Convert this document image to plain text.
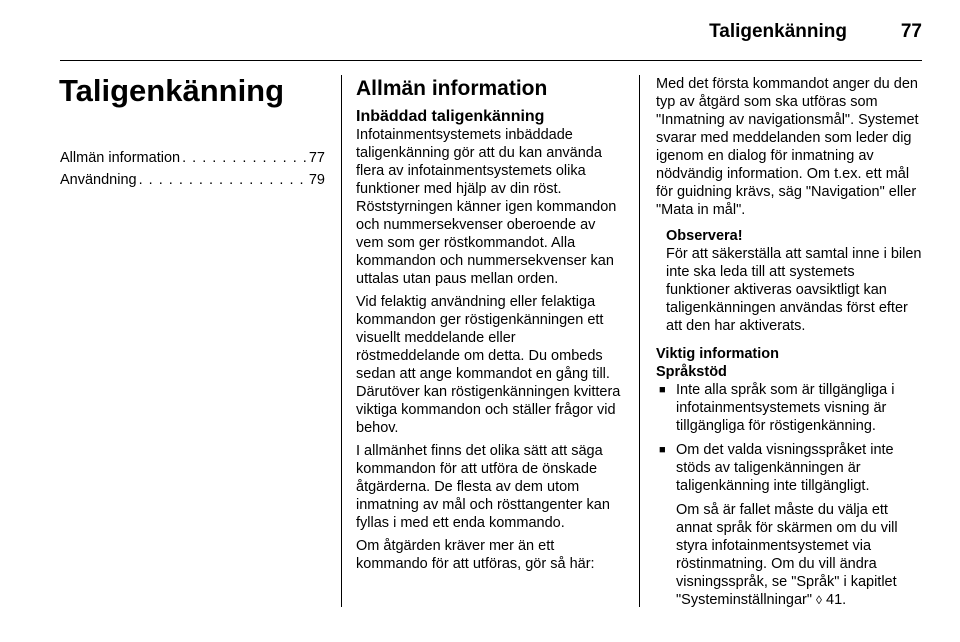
Taligenkänning	77
Taligenkänning
Allmän information . . .	77
Användning . . .	79
Allmän information
Inbäddad taligenkänning

Infotainmentsystemets inbäddade taligenkänning gör att du kan använda flera av infotainmentsystemets olika funktioner med hjälp av din röst. Röststyrningen känner igen kommandon och nummersekvenser oberoende av vem som ger röstkommandot. Alla kommandon och nummersekvenser kan uttalas utan paus mellan orden.

Vid felaktig användning eller felaktiga kommandon ger röstigenkänningen ett visuellt meddelande eller röstmeddelande om detta. Du ombeds sedan att ange kommandot en gång till. Därutöver kan röstigenkänningen kvittera viktiga kommandon och ställer frågor vid behov.

I allmänhet finns det olika sätt att säga kommandon för att utföra de önskade åtgärderna. De flesta av dem utom inmatning av mål och rösttangenter kan fyllas i med ett enda kommando.

Om åtgärden kräver mer än ett kommando för att utföras, gör så här:

Med det första kommandot anger du den typ av åtgärd som ska utföras som "Inmatning av navigationsmål". Systemet svarar med meddelanden som leder dig igenom en dialog för inmatning av nödvändig information. Om t.ex. ett mål för guidning krävs, säg "Navigation" eller "Mata in mål".

Observera!

För att säkerställa att samtal inne i bilen inte ska leda till att systemets funktioner aktiveras oavsiktligt kan taligenkänningen användas först efter att den har aktiverats.

Viktig information
Språkstöd
■ Inte alla språk som är tillgängliga i infotainmentsystemets visning är tillgängliga för röstigenkänning.

■ Om det valda visningsspråket inte stöds av taligenkänningen är taligenkänning inte tillgängligt.

Om så är fallet måste du välja ett annat språk för skärmen om du vill styra infotainmentsystemet via röstinmatning. Om du vill ändra visningsspråk, se "Språk" i kapitlet "Systeminställningar" ◊ 41.
